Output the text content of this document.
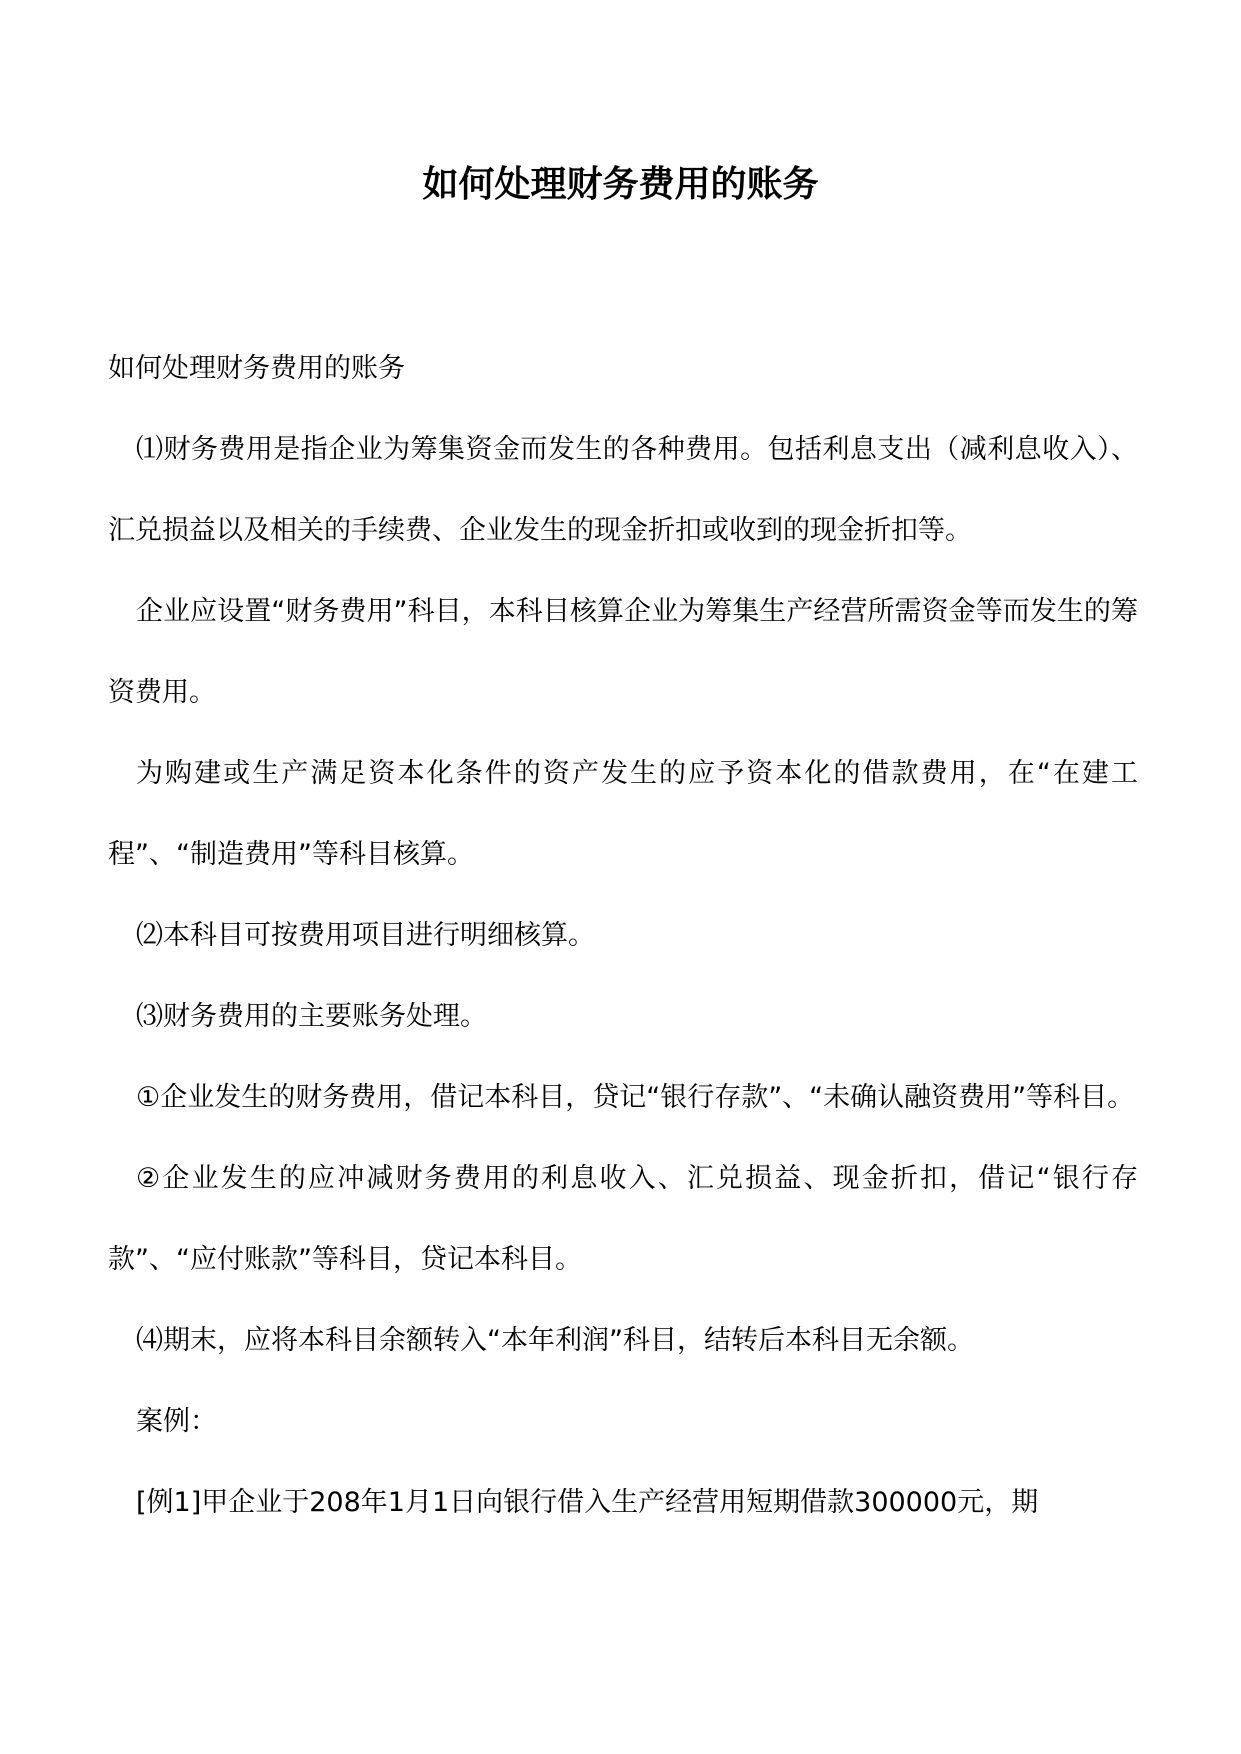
如何处理财务费用的账务

如何处理财务费用的账务

⑴财务费用是指企业为筹集资金而发生的各种费用。包括利息支出（减利息收入）、汇兑损益以及相关的手续费、企业发生的现金折扣或收到的现金折扣等。

企业应设置“财务费用”科目，本科目核算企业为筹集生产经营所需资金等而发生的筹资费用。

为购建或生产满足资本化条件的资产发生的应予资本化的借款费用，在“在建工程”、“制造费用”等科目核算。

⑵本科目可按费用项目进行明细核算。

⑶财务费用的主要账务处理。

①企业发生的财务费用，借记本科目，贷记“银行存款”、“未确认融资费用”等科目。

②企业发生的应冲减财务费用的利息收入、汇兑损益、现金折扣，借记“银行存款”、“应付账款”等科目，贷记本科目。

⑷期末，应将本科目余额转入“本年利润”科目，结转后本科目无余额。

案例：

[例1]甲企业于208年1月1日向银行借入生产经营用短期借款300000元，期
